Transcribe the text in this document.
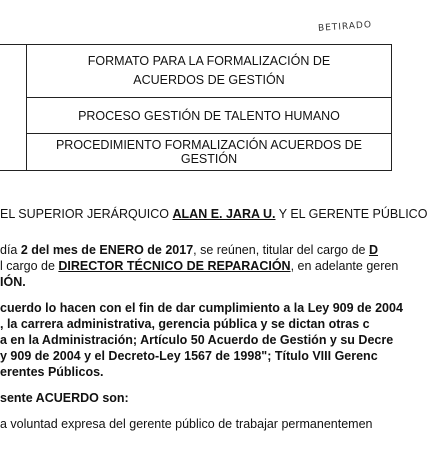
BETIRADO

FORMATO PARA LA FORMALIZACIÓN DE
ACUERDOS DE GESTIÓN

PROCESO GESTIÓN DE TALENTO HUMANO
PROCEDIMIENTO FORMALIZACIÓN ACUERDOS DE GESTIÓN
EL SUPERIOR JERÁRQUICO ALAN E. JARA U. Y EL GERENTE PÚBLICO
día 2 del mes de ENERO de 2017, se reúnen, titular del cargo de D
l cargo de DIRECTOR TÉCNICO DE REPARACIÓN, en adelante geren
IÓN.
cuerdo lo hacen con el fin de dar cumplimiento a la Ley 909 de 2004
, la carrera administrativa, gerencia pública y se dictan otras c
a en la Administración; Artículo 50 Acuerdo de Gestión y su Decre
y 909 de 2004 y el Decreto-Ley 1567 de 1998"; Título VIII Gerenc
erentes Públicos.
sente ACUERDO son:
a voluntad expresa del gerente público de trabajar permanentemen
